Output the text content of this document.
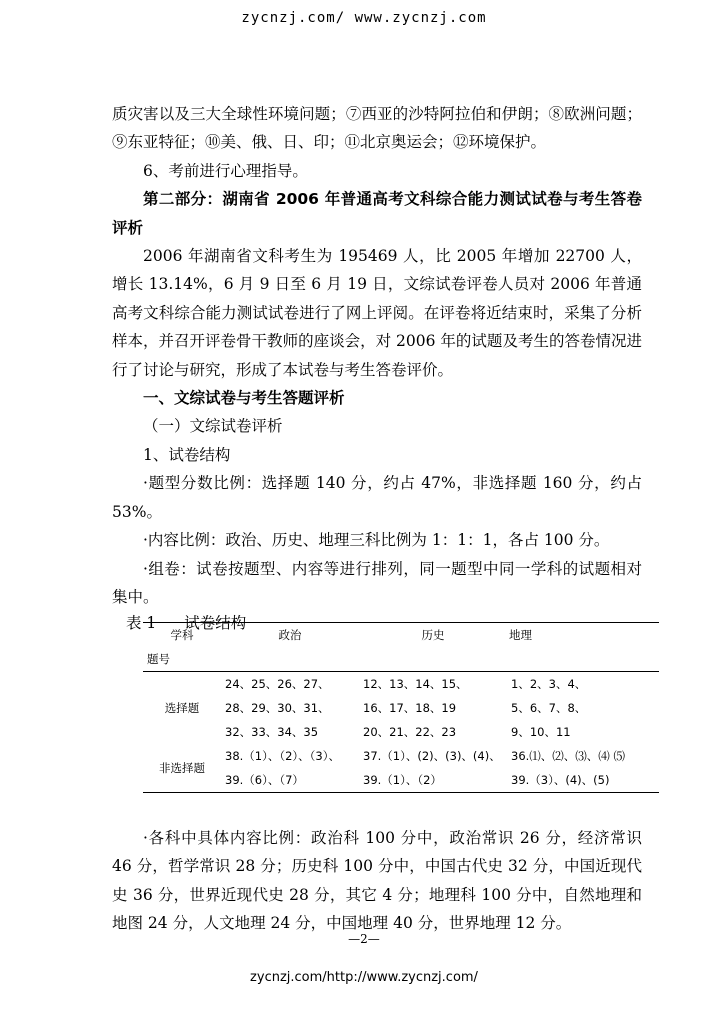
zycnzj.com/ www.zycnzj.com

质灾害以及三大全球性环境问题；⑦西亚的沙特阿拉伯和伊朗；⑧欧洲问题；⑨东亚特征；⑩美、俄、日、印；⑪北京奥运会；⑫环境保护。

6、考前进行心理指导。

第二部分：湖南省 2006 年普通高考文科综合能力测试试卷与考生答卷评析

2006 年湖南省文科考生为 195469 人，比 2005 年增加 22700 人，增长 13.14%，6 月 9 日至 6 月 19 日，文综试卷评卷人员对 2006 年普通高考文科综合能力测试试卷进行了网上评阅。在评卷将近结束时，采集了分析样本，并召开评卷骨干教师的座谈会，对 2006 年的试题及考生的答卷情况进行了讨论与研究，形成了本试卷与考生答卷评价。

一、文综试卷与考生答题评析

（一）文综试卷评析

1、试卷结构

·题型分数比例：选择题 140 分，约占 47%，非选择题 160 分，约占 53%。

·内容比例：政治、历史、地理三科比例为 1：1：1，各占 100 分。

·组卷：试卷按题型、内容等进行排列，同一题型中同一学科的试题相对集中。

表 1 试卷结构

学科	政治	历史	地理
题号			
选择题	24、25、26、27、	12、13、14、15、	1、2、3、4、
	28、29、30、31、	16、17、18、19	5、6、7、8、
	32、33、34、35	20、21、22、23	9、10、11
非选择题	38.（1）、（2）、（3）、	37.（1）、(2)、(3)、(4)、	36.⑴、⑵、⑶、⑷ ⑸
	39.（6）、（7）	39.（1）、（2）	39.（3）、(4)、(5)

·各科中具体内容比例：政治科 100 分中，政治常识 26 分，经济常识 46 分，哲学常识 28 分；历史科 100 分中，中国古代史 32 分，中国近现代史 36 分，世界近现代史 28 分，其它 4 分；地理科 100 分中，自然地理和地图 24 分，人文地理 24 分，中国地理 40 分，世界地理 12 分。

—2—
zycnzj.com/http://www.zycnzj.com/
